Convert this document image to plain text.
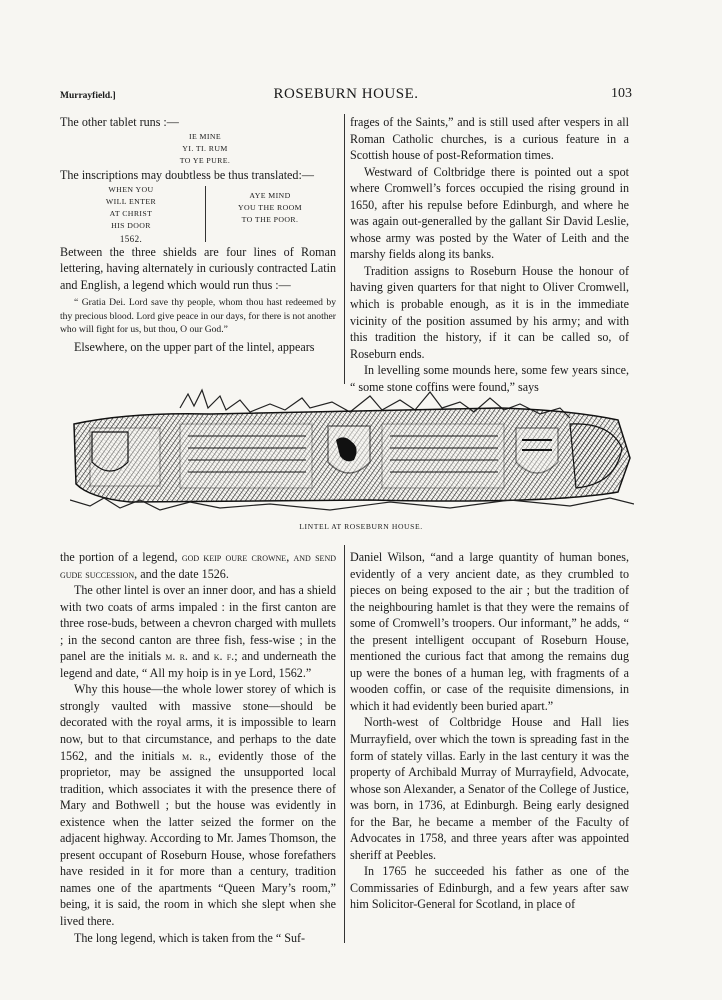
Murrayfield.]	ROSEBURN HOUSE.	103

The other tablet runs :—

IE MINE
YI. TI. RUM
TO YE PURE.

The inscriptions may doubtless be thus translated:—

WHEN YOU
WILL ENTER
AT CHRIST
HIS DOOR
1562.
AYE MIND
YOU THE ROOM
TO THE POOR.

Between the three shields are four lines of Roman lettering, having alternately in curiously contracted Latin and English, a legend which would run thus :—

“ Gratia Dei. Lord save thy people, whom thou hast redeemed by thy precious blood. Lord give peace in our days, for there is not another who will fight for us, but thou, O our God.”

Elsewhere, on the upper part of the lintel, appears

frages of the Saints,” and is still used after vespers in all Roman Catholic churches, is a curious feature in a Scottish house of post-Reformation times.

Westward of Coltbridge there is pointed out a spot where Cromwell’s forces occupied the rising ground in 1650, after his repulse before Edinburgh, and where he was again out-generalled by the gallant Sir David Leslie, whose army was posted by the Water of Leith and the marshy fields along its banks.

Tradition assigns to Roseburn House the honour of having given quarters for that night to Oliver Cromwell, which is probable enough, as it is in the immediate vicinity of the position assumed by his army; and with this tradition the history, if it can be called so, of Roseburn ends.

In levelling some mounds here, some few years since, “ some stone coffins were found,” says

LINTEL AT ROSEBURN HOUSE.

the portion of a legend, god keip oure crowne, and send gude succession, and the date 1526.

The other lintel is over an inner door, and has a shield with two coats of arms impaled : in the first canton are three rose-buds, between a chevron charged with mullets ; in the second canton are three fish, fess-wise ; in the panel are the initials m. r. and k. f.; and underneath the legend and date, “ All my hoip is in ye Lord, 1562.”

Why this house—the whole lower storey of which is strongly vaulted with massive stone—should be decorated with the royal arms, it is impossible to learn now, but to that circumstance, and perhaps to the date 1562, and the initials m. r., evidently those of the proprietor, may be assigned the unsupported local tradition, which associates it with the presence there of Mary and Bothwell ; but the house was evidently in existence when the latter seized the former on the adjacent highway. According to Mr. James Thomson, the present occupant of Roseburn House, whose forefathers have resided in it for more than a century, tradition names one of the apartments “Queen Mary’s room,” being, it is said, the room in which she slept when she lived there.

The long legend, which is taken from the “ Suf-

Daniel Wilson, “and a large quantity of human bones, evidently of a very ancient date, as they crumbled to pieces on being exposed to the air ; but the tradition of the neighbouring hamlet is that they were the remains of some of Cromwell’s troopers. Our informant,” he adds, “ the present intelligent occupant of Roseburn House, mentioned the curious fact that among the remains dug up were the bones of a human leg, with fragments of a wooden coffin, or case of the requisite dimensions, in which it had evidently been buried apart.”

North-west of Coltbridge House and Hall lies Murrayfield, over which the town is spreading fast in the form of stately villas. Early in the last century it was the property of Archibald Murray of Murrayfield, Advocate, whose son Alexander, a Senator of the College of Justice, was born, in 1736, at Edinburgh. Being early designed for the Bar, he became a member of the Faculty of Advocates in 1758, and three years after was appointed sheriff at Peebles.

In 1765 he succeeded his father as one of the Commissaries of Edinburgh, and a few years after saw him Solicitor-General for Scotland, in place of
